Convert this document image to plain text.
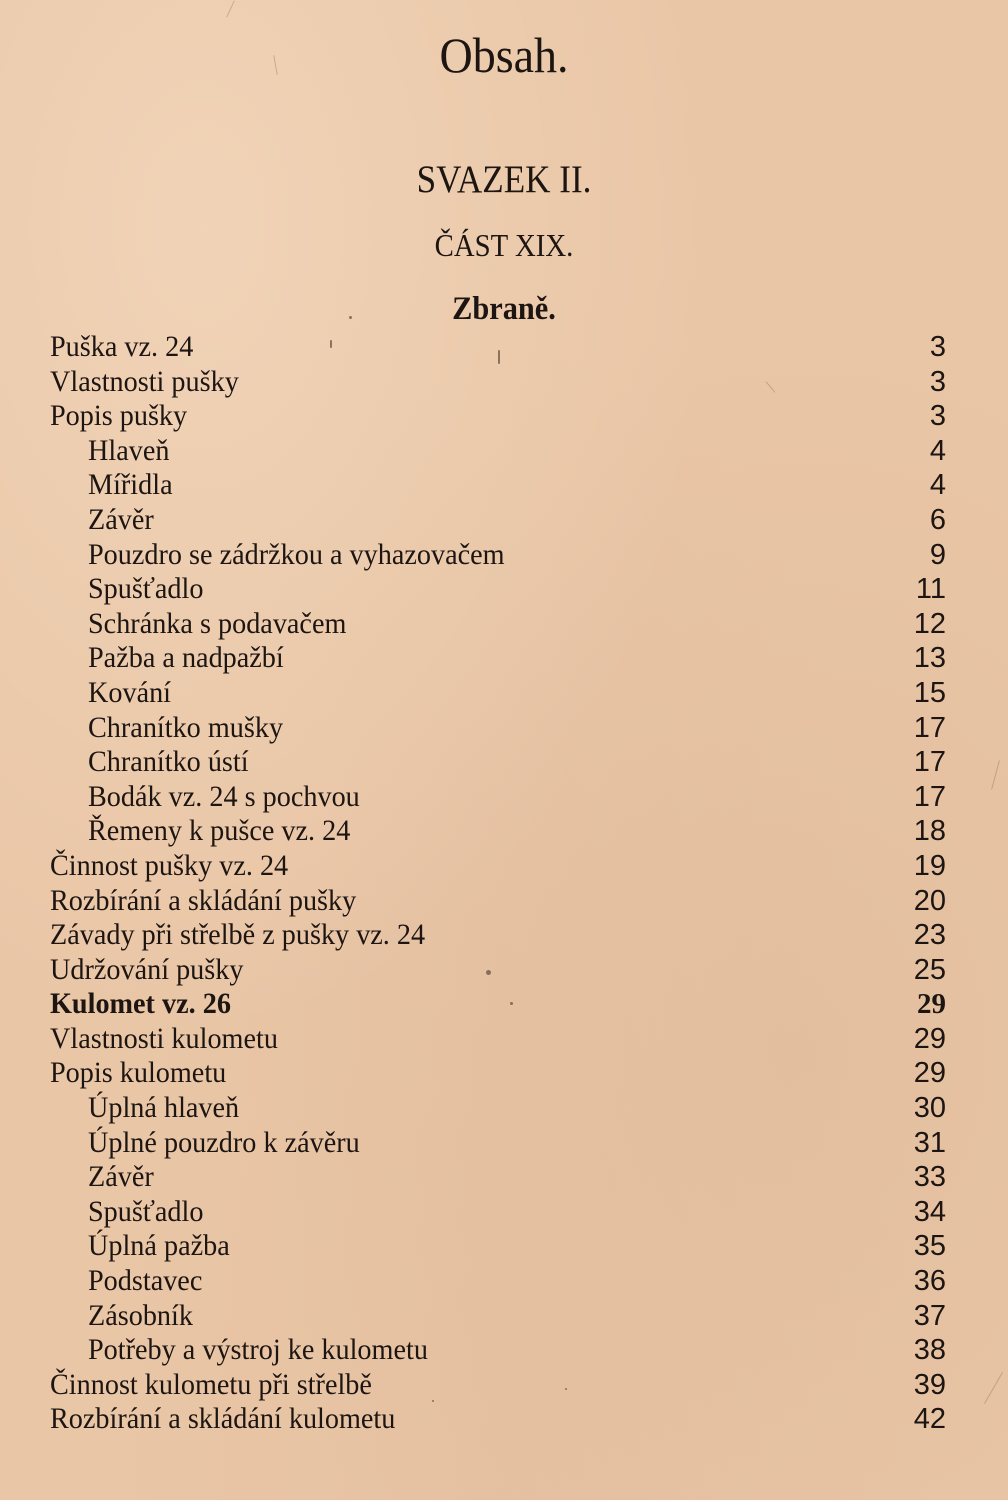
Obsah.
SVAZEK II.
ČÁST XIX.
Zbraně.
Puška vz. 24	3
Vlastnosti pušky	3
Popis pušky	3
Hlaveň	4
Mířidla	4
Závěr	6
Pouzdro se zádržkou a vyhazovačem	9
Spušťadlo	11
Schránka s podavačem	12
Pažba a nadpažbí	13
Kování	15
Chranítko mušky	17
Chranítko ústí	17
Bodák vz. 24 s pochvou	17
Řemeny k pušce vz. 24	18
Činnost pušky vz. 24	19
Rozbírání a skládání pušky	20
Závady při střelbě z pušky vz. 24	23
Udržování pušky	25
Kulomet vz. 26	29
Vlastnosti kulometu	29
Popis kulometu	29
Úplná hlaveň	30
Úplné pouzdro k závěru	31
Závěr	33
Spušťadlo	34
Úplná pažba	35
Podstavec	36
Zásobník	37
Potřeby a výstroj ke kulometu	38
Činnost kulometu při střelbě	39
Rozbírání a skládání kulometu	42
